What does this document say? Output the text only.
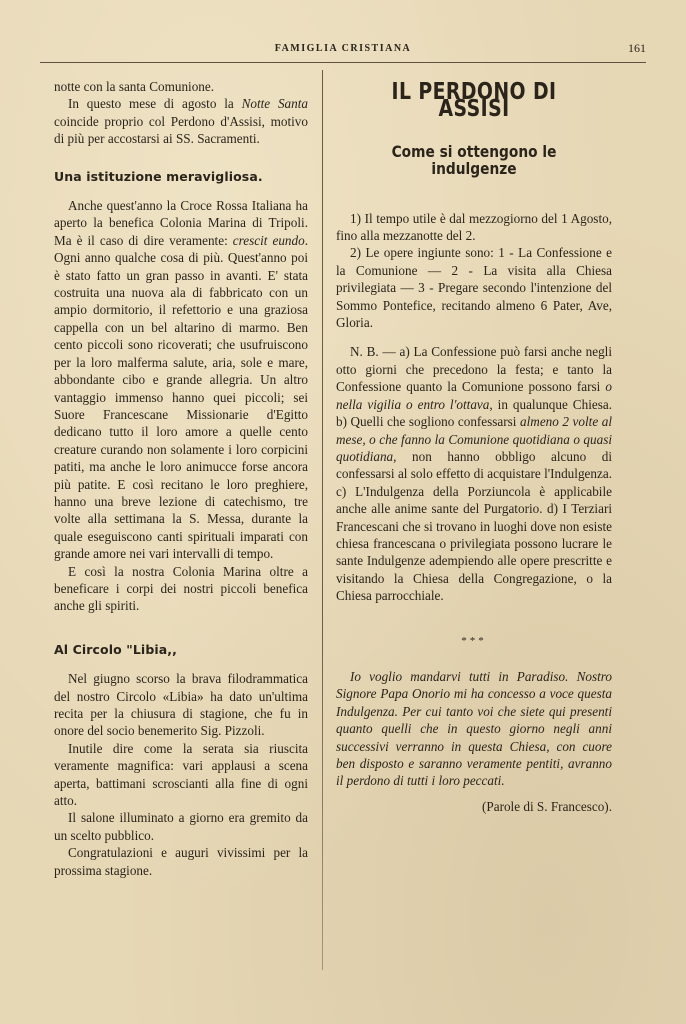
FAMIGLIA CRISTIANA	161

notte con la santa Comunione.

In questo mese di agosto la Notte Santa coincide proprio col Perdono d'Assisi, motivo di più per accostarsi ai SS. Sacramenti.

Una istituzione meravigliosa.

Anche quest'anno la Croce Rossa Italiana ha aperto la benefica Colonia Marina di Tripoli. Ma è il caso di dire veramente: crescit eundo. Ogni anno qualche cosa di più. Quest'anno poi è stato fatto un gran passo in avanti. E' stata costruita una nuova ala di fabbricato con un ampio dormitorio, il refettorio e una graziosa cappella con un bel altarino di marmo. Ben cento piccoli sono ricoverati; che usufruiscono per la loro malferma salute, aria, sole e mare, abbondante cibo e grande allegria. Un altro vantaggio immenso hanno quei piccoli; sei Suore Francescane Missionarie d'Egitto dedicano tutto il loro amore a quelle cento creature curando non solamente i loro corpicini patiti, ma anche le loro animucce forse ancora più patite. E così recitano le loro preghiere, hanno una breve lezione di catechismo, tre volte alla settimana la S. Messa, durante la quale eseguiscono canti spirituali imparati con grande amore nei vari intervalli di tempo.

E così la nostra Colonia Marina oltre a beneficare i corpi dei nostri piccoli benefica anche gli spiriti.

Al Circolo "Libia,,

Nel giugno scorso la brava filodrammatica del nostro Circolo «Libia» ha dato un'ultima recita per la chiusura di stagione, che fu in onore del socio benemerito Sig. Pizzoli.

Inutile dire come la serata sia riuscita veramente magnifica: vari applausi a scena aperta, battimani scroscianti alla fine di ogni atto.

Il salone illuminato a giorno era gremito da un scelto pubblico.

Congratulazioni e auguri vivissimi per la prossima stagione.

IL PERDONO DI ASSISI
Come si ottengono le indulgenze

1) Il tempo utile è dal mezzogiorno del 1 Agosto, fino alla mezzanotte del 2.

2) Le opere ingiunte sono: 1 - La Confessione e la Comunione — 2 - La visita alla Chiesa privilegiata — 3 - Pregare secondo l'intenzione del Sommo Pontefice, recitando almeno 6 Pater, Ave, Gloria.

N. B. — a) La Confessione può farsi anche negli otto giorni che precedono la festa; e tanto la Confessione quanto la Comunione possono farsi o nella vigilia o entro l'ottava, in qualunque Chiesa. b) Quelli che sogliono confessarsi almeno 2 volte al mese, o che fanno la Comunione quotidiana o quasi quotidiana, non hanno obbligo alcuno di confessarsi al solo effetto di acquistare l'Indulgenza. c) L'Indulgenza della Porziuncola è applicabile anche alle anime sante del Purgatorio. d) I Terziari Francescani che si trovano in luoghi dove non esiste chiesa francescana o privilegiata possono lucrare le sante Indulgenze adempiendo alle opere prescritte e visitando la Chiesa della Congregazione, o la Chiesa parrocchiale.

***

Io voglio mandarvi tutti in Paradiso. Nostro Signore Papa Onorio mi ha concesso a voce questa Indulgenza. Per cui tanto voi che siete qui presenti quanto quelli che in questo giorno negli anni successivi verranno in questa Chiesa, con cuore ben disposto e saranno veramente pentiti, avranno il perdono di tutti i loro peccati.

(Parole di S. Francesco).
